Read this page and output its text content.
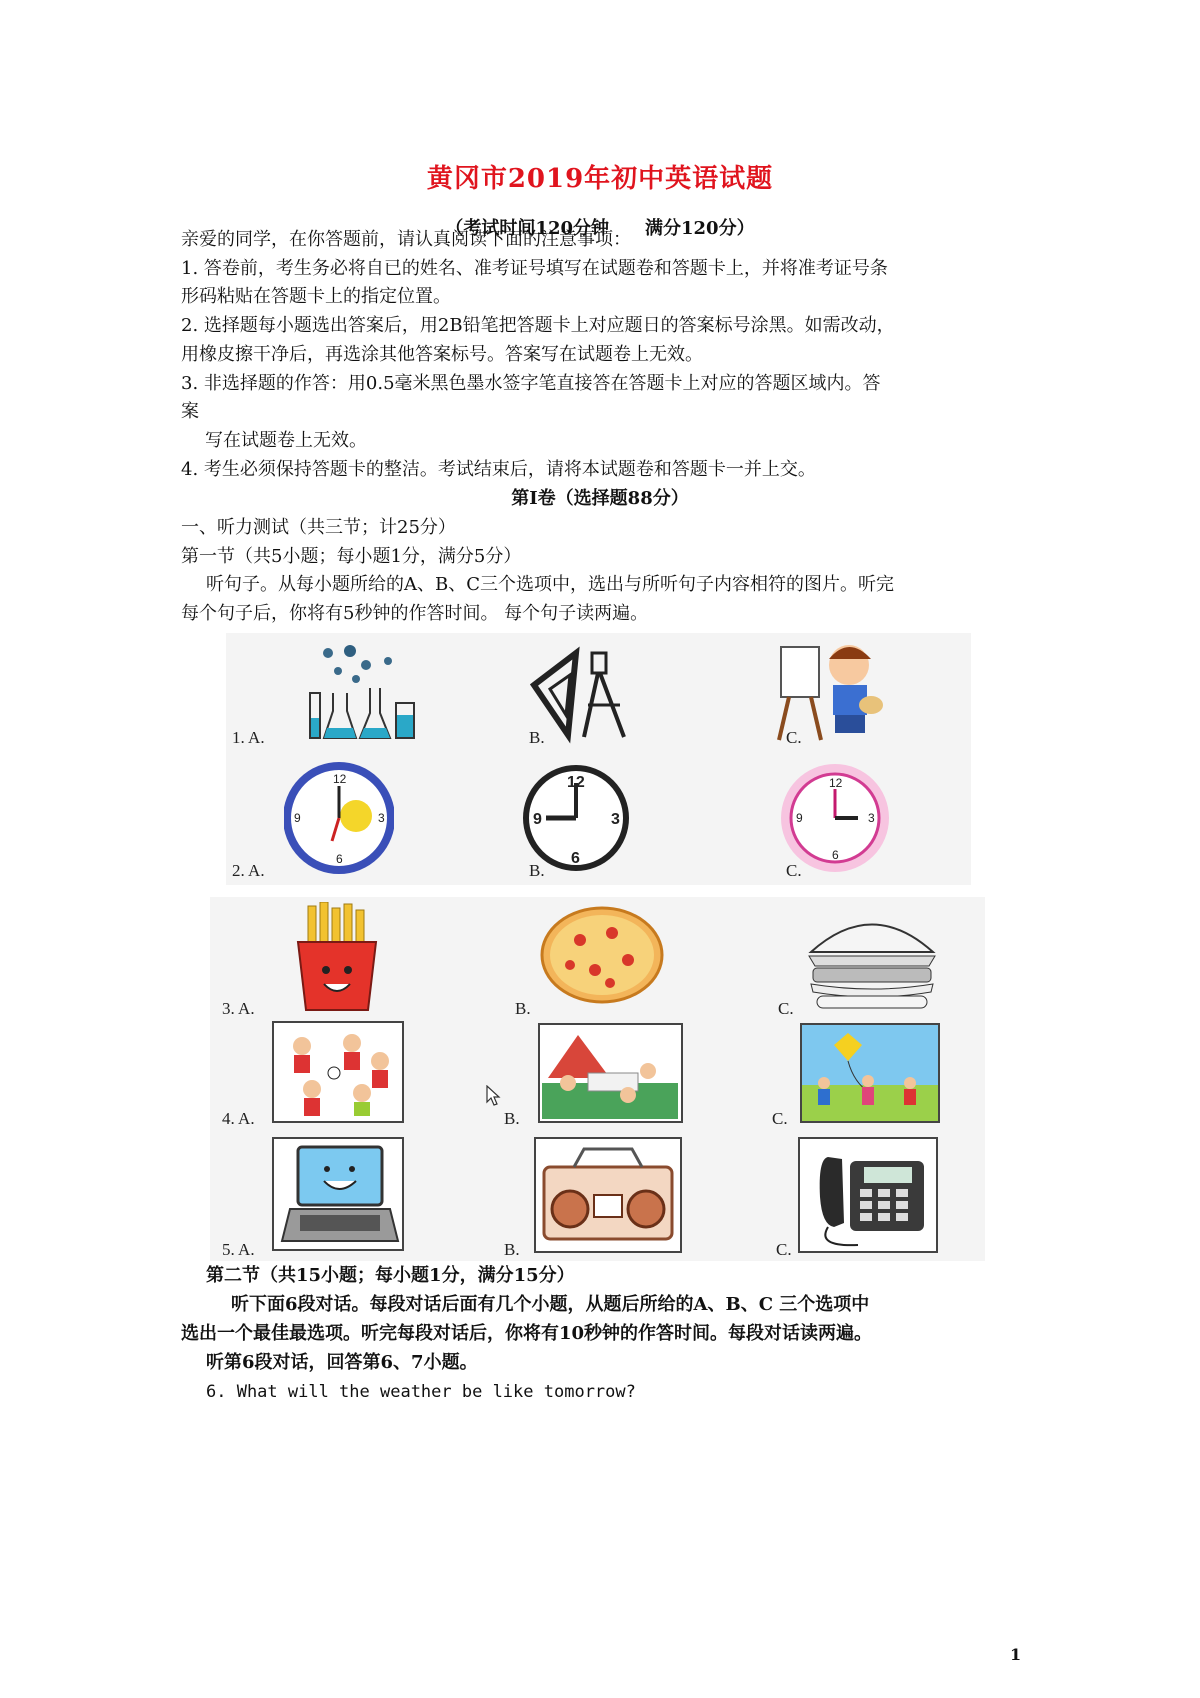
黄冈市2019年初中英语试题
（考试时间120分钟　　满分120分）
亲爱的同学，在你答题前，请认真阅读下面的注意事项：
1. 答卷前，考生务必将自已的姓名、准考证号填写在试题卷和答题卡上，并将准考证号条
形码粘贴在答题卡上的指定位置。
2. 选择题每小题选出答案后，用2B铅笔把答题卡上对应题日的答案标号涂黑。如需改动，
用橡皮擦干净后，再选涂其他答案标号。答案写在试题卷上无效。
3. 非选择题的作答：用0.5毫米黑色墨水签字笔直接答在答题卡上对应的答题区域内。答
案
写在试题卷上无效。
4. 考生必须保持答题卡的整洁。考试结束后，请将本试题卷和答题卡一并上交。
第Ⅰ卷（选择题88分）
一、听力测试（共三节；计25分）
第一节（共5小题；每小题1分，满分5分）
听句子。从每小题所给的A、B、C三个选项中，选出与所听句子内容相符的图片。听完
每个句子后，你将有5秒钟的作答时间。 每个句子读两遍。
1. A.	B.	C.
2. A.	B.	C.
12
3
6
9
12
3
6
9
12
3
6
9
3. A.	B.	C.
4. A.	B.	C.
5. A.	B.	C.
第二节（共15小题；每小题1分，满分15分）
听下面6段对话。每段对话后面有几个小题，从题后所给的A、B、C 三个选项中
选出一个最佳最选项。听完每段对话后，你将有10秒钟的作答时间。每段对话读两遍。
听第6段对话，回答第6、7小题。
6. What will the weather be like tomorrow?
1
